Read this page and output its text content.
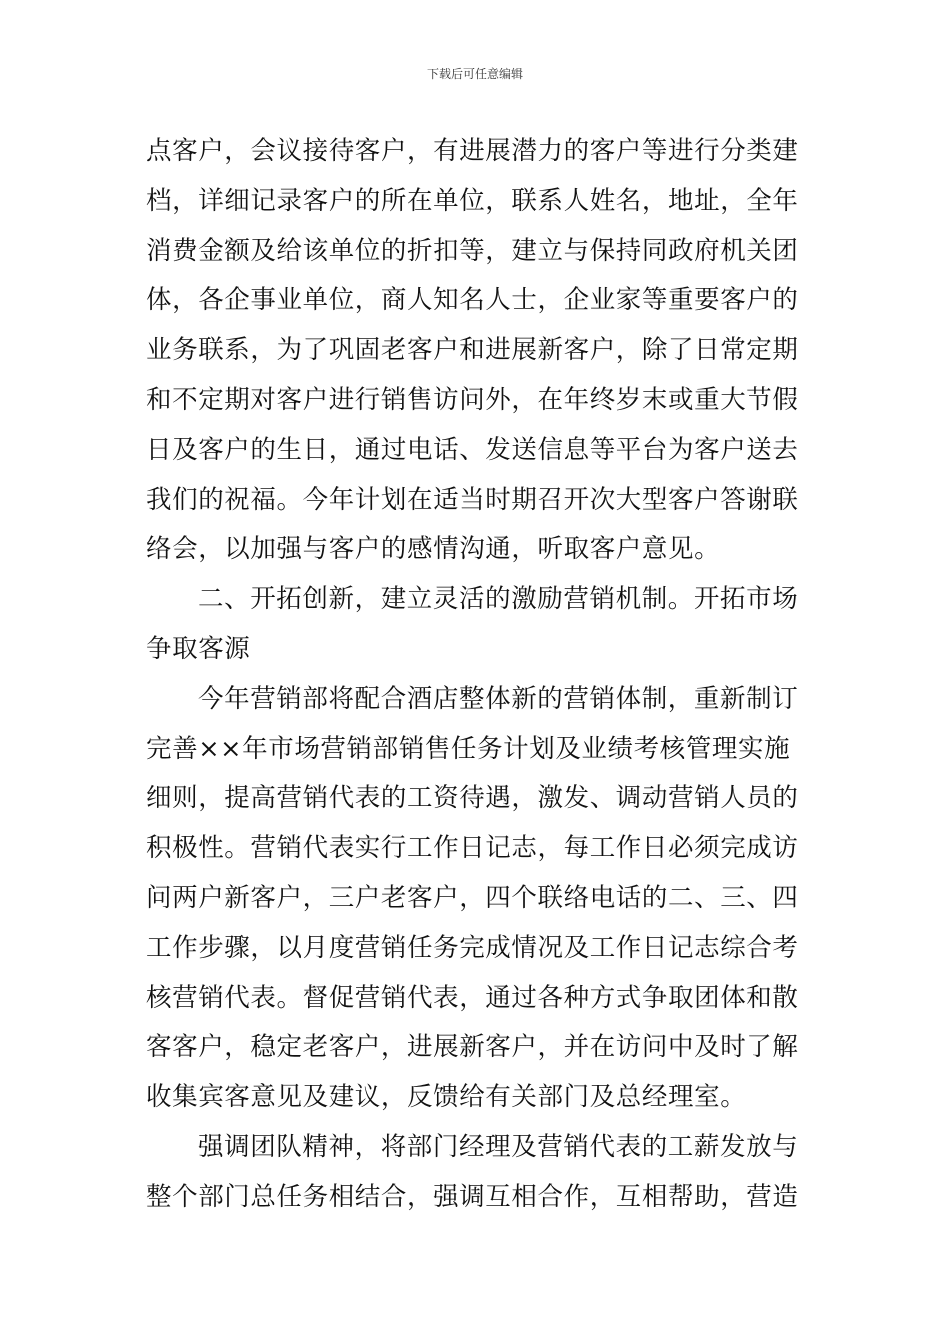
下载后可任意编辑
点客户，会议接待客户，有进展潜力的客户等进行分类建
档，详细记录客户的所在单位，联系人姓名，地址，全年
消费金额及给该单位的折扣等，建立与保持同政府机关团
体，各企事业单位，商人知名人士，企业家等重要客户的
业务联系，为了巩固老客户和进展新客户，除了日常定期
和不定期对客户进行销售访问外，在年终岁末或重大节假
日及客户的生日，通过电话、发送信息等平台为客户送去
我们的祝福。今年计划在适当时期召开次大型客户答谢联
络会，以加强与客户的感情沟通，听取客户意见。
二、开拓创新，建立灵活的激励营销机制。开拓市场
争取客源
今年营销部将配合酒店整体新的营销体制，重新制订
完善××年市场营销部销售任务计划及业绩考核管理实施
细则，提高营销代表的工资待遇，激发、调动营销人员的
积极性。营销代表实行工作日记志，每工作日必须完成访
问两户新客户，三户老客户，四个联络电话的二、三、四
工作步骤，以月度营销任务完成情况及工作日记志综合考
核营销代表。督促营销代表，通过各种方式争取团体和散
客客户，稳定老客户，进展新客户，并在访问中及时了解
收集宾客意见及建议，反馈给有关部门及总经理室。
强调团队精神，将部门经理及营销代表的工薪发放与
整个部门总任务相结合，强调互相合作，互相帮助，营造
